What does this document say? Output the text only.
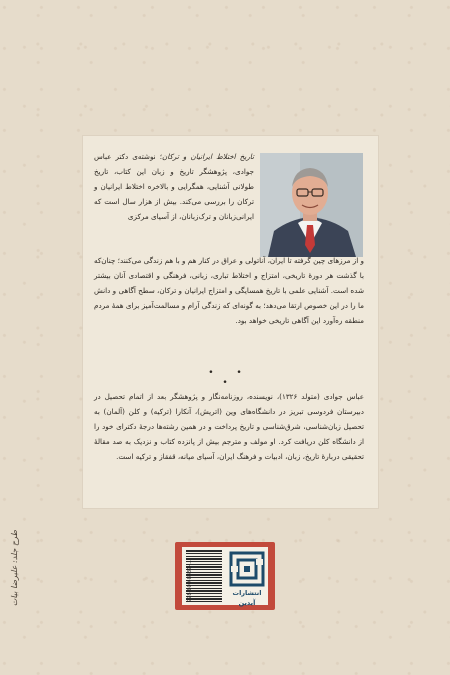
تاریخ اختلاط ایرانیان و ترکان؛ نوشته‌ی دکتر عباس جوادی، پژوهشگر تاریخ و زبان این کتاب، تاریخ طولانی آشنایی، همگرایی و بالاخره اختلاط ایرانیان و ترکان را بررسی می‌کند. بیش از هزار سال است که ایرانی‌زبانان و ترک‌زبانان، از آسیای مرکزی
و از مرزهای چین گرفته تا ایران، آناتولی و عراق در کنار هم و با هم زندگی می‌کنند؛ چنان‌که با گذشت هر دورهٔ تاریخی، امتزاج و اختلاط تباری، زبانی، فرهنگی و اقتصادی آنان بیشتر شده است. آشنایی علمی با تاریخ همسایگی و امتزاج ایرانیان و ترکان، سطح آگاهی و دانش ما را در این خصوص ارتقا می‌دهد؛ به گونه‌ای که زندگی آرام و مسالمت‌آمیز برای همهٔ مردم منطقه ره‌آورد این آگاهی تاریخی خواهد بود.
• • •
عباس جوادی (متولد ۱۳۲۶)، نویسنده، روزنامه‌نگار و پژوهشگر بعد از اتمام تحصیل در دبیرستان فردوسی تبریز در دانشگاه‌های وین (اتریش)، آنکارا (ترکیه) و کلن (آلمان) به تحصیل زبان‌شناسی، شرق‌شناسی و تاریخ پرداخت و در همین رشته‌ها درجهٔ دکترای خود را از دانشگاه کلن دریافت کرد. او مولف و مترجم بیش از پانزده کتاب و نزدیک به صد مقالهٔ تحقیقی دربارهٔ تاریخ، زبان، ادبیات و فرهنگ ایران، آسیای میانه، قفقاز و ترکیه است.
978-600-8439-...	انتشارات آیدین
طرح جلد: علیرضا بیات
